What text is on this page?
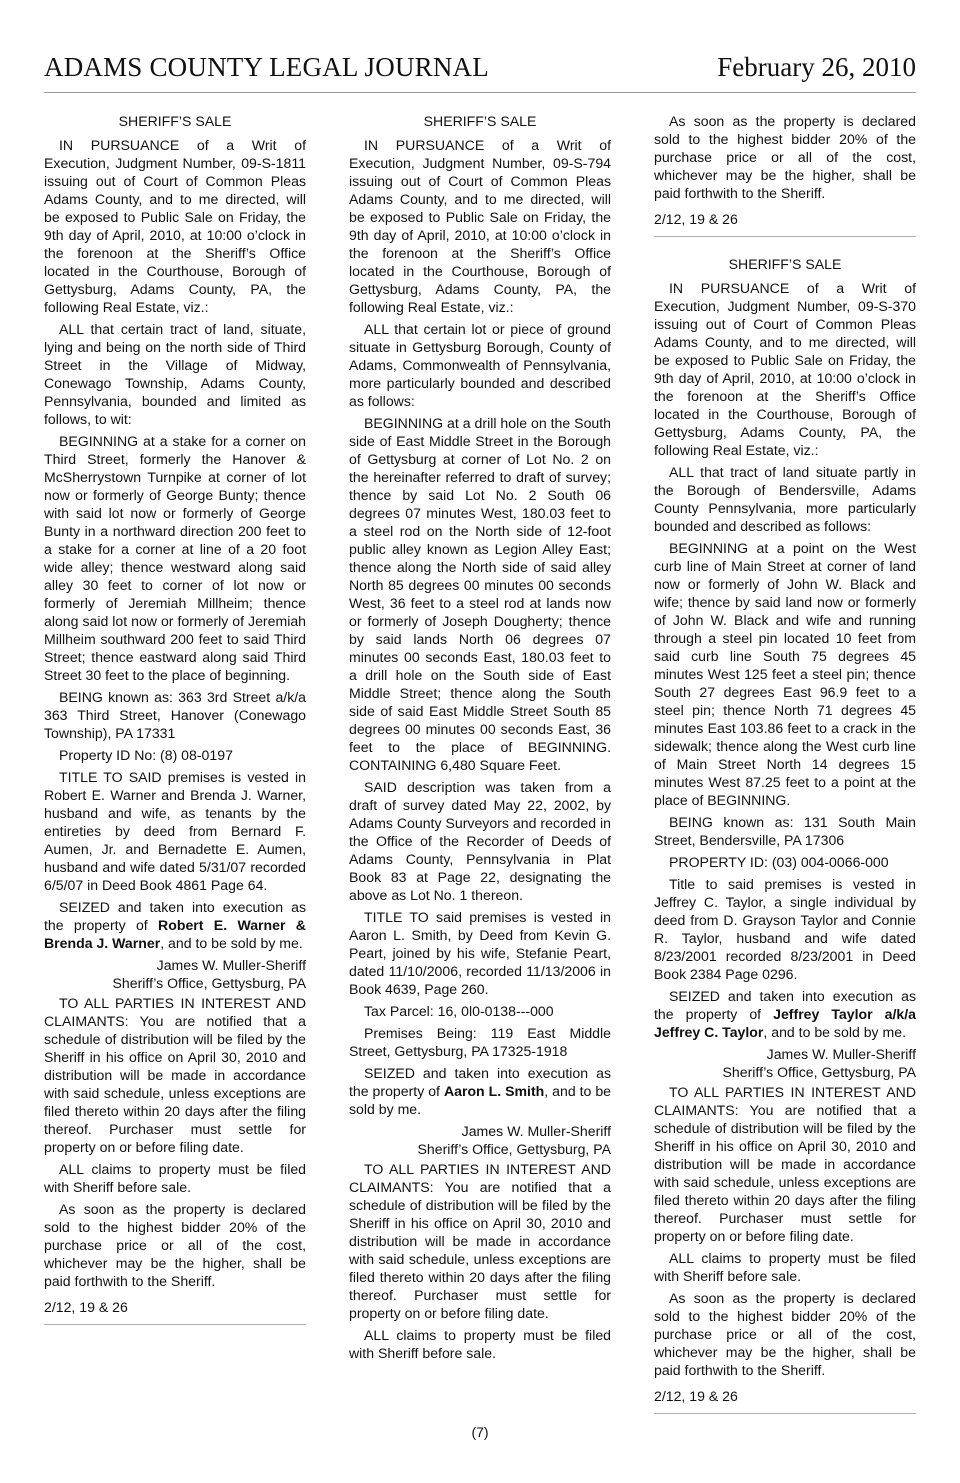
ADAMS COUNTY LEGAL JOURNAL	February 26, 2010

SHERIFF’S SALE

IN PURSUANCE of a Writ of Execution, Judgment Number, 09-S-1811 issuing out of Court of Common Pleas Adams County, and to me directed, will be exposed to Public Sale on Friday, the 9th day of April, 2010, at 10:00 o’clock in the forenoon at the Sheriff’s Office located in the Courthouse, Borough of Gettysburg, Adams County, PA, the following Real Estate, viz.:

ALL that certain tract of land, situate, lying and being on the north side of Third Street in the Village of Midway, Conewago Township, Adams County, Pennsylvania, bounded and limited as follows, to wit:

BEGINNING at a stake for a corner on Third Street, formerly the Hanover & McSherrystown Turnpike at corner of lot now or formerly of George Bunty; thence with said lot now or formerly of George Bunty in a northward direction 200 feet to a stake for a corner at line of a 20 foot wide alley; thence westward along said alley 30 feet to corner of lot now or formerly of Jeremiah Millheim; thence along said lot now or formerly of Jeremiah Millheim southward 200 feet to said Third Street; thence eastward along said Third Street 30 feet to the place of beginning.

BEING known as: 363 3rd Street a/k/a 363 Third Street, Hanover (Conewago Township), PA 17331

Property ID No: (8) 08-0197

TITLE TO SAID premises is vested in Robert E. Warner and Brenda J. Warner, husband and wife, as tenants by the entireties by deed from Bernard F. Aumen, Jr. and Bernadette E. Aumen, husband and wife dated 5/31/07 recorded 6/5/07 in Deed Book 4861 Page 64.

SEIZED and taken into execution as the property of Robert E. Warner & Brenda J. Warner, and to be sold by me.

James W. Muller-Sheriff

Sheriff’s Office, Gettysburg, PA

TO ALL PARTIES IN INTEREST AND CLAIMANTS: You are notified that a schedule of distribution will be filed by the Sheriff in his office on April 30, 2010 and distribution will be made in accordance with said schedule, unless exceptions are filed thereto within 20 days after the filing thereof. Purchaser must settle for property on or before filing date.

ALL claims to property must be filed with Sheriff before sale.

As soon as the property is declared sold to the highest bidder 20% of the purchase price or all of the cost, whichever may be the higher, shall be paid forthwith to the Sheriff.

2/12, 19 & 26

SHERIFF’S SALE

IN PURSUANCE of a Writ of Execution, Judgment Number, 09-S-794 issuing out of Court of Common Pleas Adams County, and to me directed, will be exposed to Public Sale on Friday, the 9th day of April, 2010, at 10:00 o’clock in the forenoon at the Sheriff’s Office located in the Courthouse, Borough of Gettysburg, Adams County, PA, the following Real Estate, viz.:

ALL that certain lot or piece of ground situate in Gettysburg Borough, County of Adams, Commonwealth of Pennsylvania, more particularly bounded and described as follows:

BEGINNING at a drill hole on the South side of East Middle Street in the Borough of Gettysburg at corner of Lot No. 2 on the hereinafter referred to draft of survey; thence by said Lot No. 2 South 06 degrees 07 minutes West, 180.03 feet to a steel rod on the North side of 12-foot public alley known as Legion Alley East; thence along the North side of said alley North 85 degrees 00 minutes 00 seconds West, 36 feet to a steel rod at lands now or formerly of Joseph Dougherty; thence by said lands North 06 degrees 07 minutes 00 seconds East, 180.03 feet to a drill hole on the South side of East Middle Street; thence along the South side of said East Middle Street South 85 degrees 00 minutes 00 seconds East, 36 feet to the place of BEGINNING. CONTAINING 6,480 Square Feet.

SAID description was taken from a draft of survey dated May 22, 2002, by Adams County Surveyors and recorded in the Office of the Recorder of Deeds of Adams County, Pennsylvania in Plat Book 83 at Page 22, designating the above as Lot No. 1 thereon.

TITLE TO said premises is vested in Aaron L. Smith, by Deed from Kevin G. Peart, joined by his wife, Stefanie Peart, dated 11/10/2006, recorded 11/13/2006 in Book 4639, Page 260.

Tax Parcel: 16, 0l0-0138---000

Premises Being: 119 East Middle Street, Gettysburg, PA 17325-1918

SEIZED and taken into execution as the property of Aaron L. Smith, and to be sold by me.

James W. Muller-Sheriff

Sheriff’s Office, Gettysburg, PA

TO ALL PARTIES IN INTEREST AND CLAIMANTS: You are notified that a schedule of distribution will be filed by the Sheriff in his office on April 30, 2010 and distribution will be made in accordance with said schedule, unless exceptions are filed thereto within 20 days after the filing thereof. Purchaser must settle for property on or before filing date.

ALL claims to property must be filed with Sheriff before sale.

As soon as the property is declared sold to the highest bidder 20% of the purchase price or all of the cost, whichever may be the higher, shall be paid forthwith to the Sheriff.

2/12, 19 & 26

SHERIFF’S SALE

IN PURSUANCE of a Writ of Execution, Judgment Number, 09-S-370 issuing out of Court of Common Pleas Adams County, and to me directed, will be exposed to Public Sale on Friday, the 9th day of April, 2010, at 10:00 o’clock in the forenoon at the Sheriff’s Office located in the Courthouse, Borough of Gettysburg, Adams County, PA, the following Real Estate, viz.:

ALL that tract of land situate partly in the Borough of Bendersville, Adams County Pennsylvania, more particularly bounded and described as follows:

BEGINNING at a point on the West curb line of Main Street at corner of land now or formerly of John W. Black and wife; thence by said land now or formerly of John W. Black and wife and running through a steel pin located 10 feet from said curb line South 75 degrees 45 minutes West 125 feet a steel pin; thence South 27 degrees East 96.9 feet to a steel pin; thence North 71 degrees 45 minutes East 103.86 feet to a crack in the sidewalk; thence along the West curb line of Main Street North 14 degrees 15 minutes West 87.25 feet to a point at the place of BEGINNING.

BEING known as: 131 South Main Street, Bendersville, PA 17306

PROPERTY ID: (03) 004-0066-000

Title to said premises is vested in Jeffrey C. Taylor, a single individual by deed from D. Grayson Taylor and Connie R. Taylor, husband and wife dated 8/23/2001 recorded 8/23/2001 in Deed Book 2384 Page 0296.

SEIZED and taken into execution as the property of Jeffrey Taylor a/k/a Jeffrey C. Taylor, and to be sold by me.

James W. Muller-Sheriff

Sheriff’s Office, Gettysburg, PA

TO ALL PARTIES IN INTEREST AND CLAIMANTS: You are notified that a schedule of distribution will be filed by the Sheriff in his office on April 30, 2010 and distribution will be made in accordance with said schedule, unless exceptions are filed thereto within 20 days after the filing thereof. Purchaser must settle for property on or before filing date.

ALL claims to property must be filed with Sheriff before sale.

As soon as the property is declared sold to the highest bidder 20% of the purchase price or all of the cost, whichever may be the higher, shall be paid forthwith to the Sheriff.

2/12, 19 & 26

(7)
